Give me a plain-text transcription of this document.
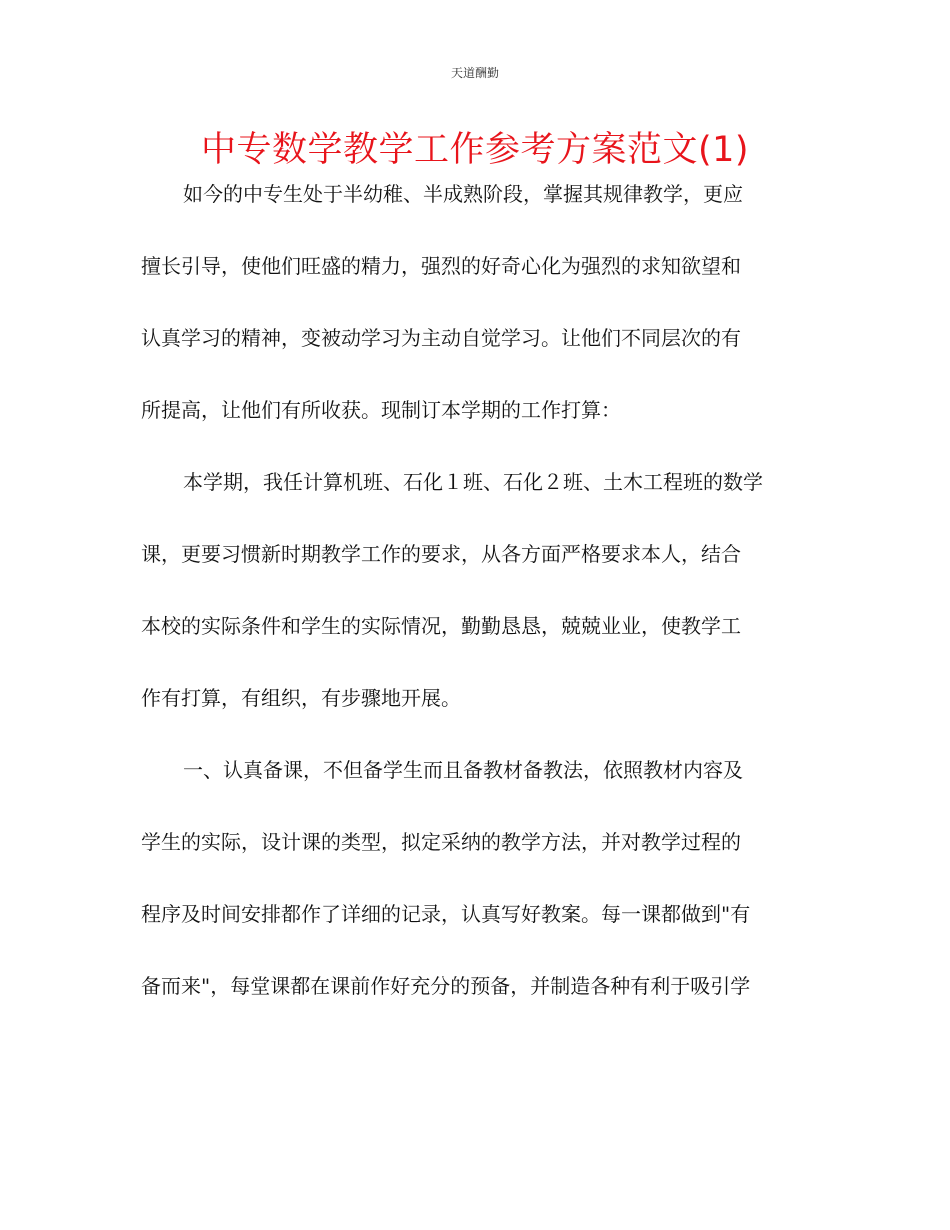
天道酬勤
中专数学教学工作参考方案范文(1)
如今的中专生处于半幼稚、半成熟阶段，掌握其规律教学，更应
擅长引导，使他们旺盛的精力，强烈的好奇心化为强烈的求知欲望和
认真学习的精神，变被动学习为主动自觉学习。让他们不同层次的有
所提高，让他们有所收获。现制订本学期的工作打算：
本学期，我任计算机班、石化１班、石化２班、土木工程班的数学
课，更要习惯新时期教学工作的要求，从各方面严格要求本人，结合
本校的实际条件和学生的实际情况，勤勤恳恳，兢兢业业，使教学工
作有打算，有组织，有步骤地开展。
一、认真备课，不但备学生而且备教材备教法，依照教材内容及
学生的实际，设计课的类型，拟定采纳的教学方法，并对教学过程的
程序及时间安排都作了详细的记录，认真写好教案。每一课都做到"有
备而来"，每堂课都在课前作好充分的预备，并制造各种有利于吸引学
